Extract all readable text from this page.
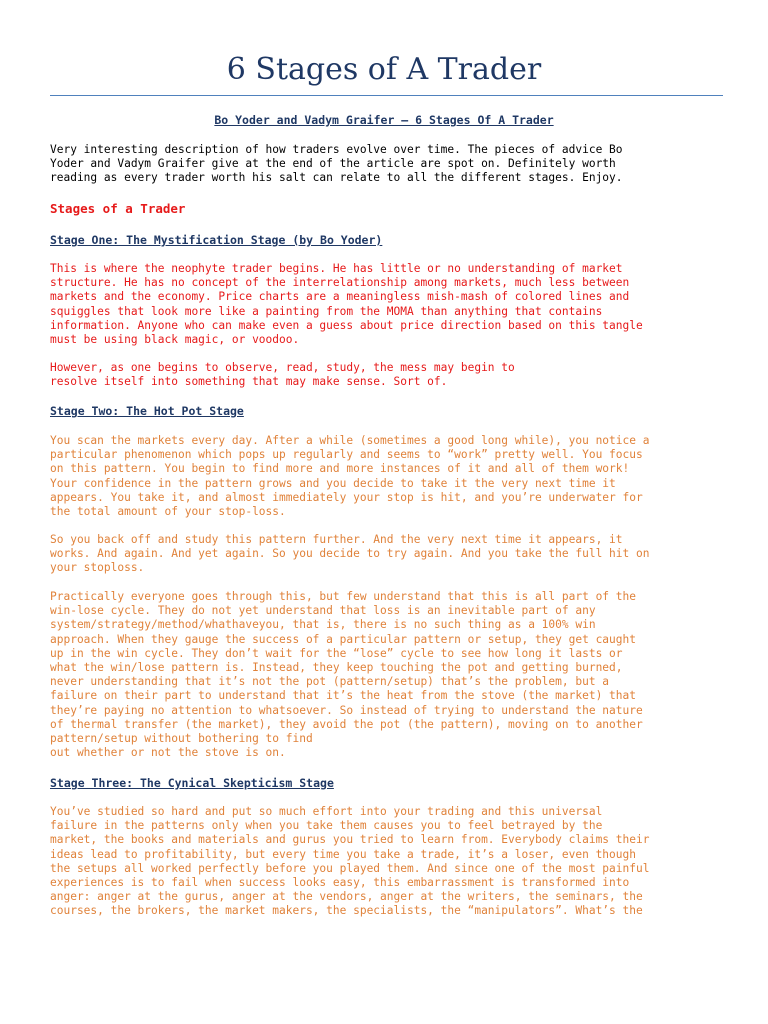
6 Stages of A Trader
Bo Yoder and Vadym Graifer – 6 Stages Of A Trader
Very interesting description of how traders evolve over time. The pieces of advice Bo
Yoder and Vadym Graifer give at the end of the article are spot on. Definitely worth
reading as every trader worth his salt can relate to all the different stages. Enjoy.
Stages of a Trader
Stage One: The Mystification Stage (by Bo Yoder)
This is where the neophyte trader begins. He has little or no understanding of market
structure. He has no concept of the interrelationship among markets, much less between
markets and the economy. Price charts are a meaningless mish-mash of colored lines and
squiggles that look more like a painting from the MOMA than anything that contains
information. Anyone who can make even a guess about price direction based on this tangle
must be using black magic, or voodoo.
However, as one begins to observe, read, study, the mess may begin to
resolve itself into something that may make sense. Sort of.
Stage Two: The Hot Pot Stage
You scan the markets every day. After a while (sometimes a good long while), you notice a
particular phenomenon which pops up regularly and seems to “work” pretty well. You focus
on this pattern. You begin to find more and more instances of it and all of them work!
Your confidence in the pattern grows and you decide to take it the very next time it
appears. You take it, and almost immediately your stop is hit, and you’re underwater for
the total amount of your stop-loss.
So you back off and study this pattern further. And the very next time it appears, it
works. And again. And yet again. So you decide to try again. And you take the full hit on
your stoploss.
Practically everyone goes through this, but few understand that this is all part of the
win-lose cycle. They do not yet understand that loss is an inevitable part of any
system/strategy/method/whathaveyou, that is, there is no such thing as a 100% win
approach. When they gauge the success of a particular pattern or setup, they get caught
up in the win cycle. They don’t wait for the “lose” cycle to see how long it lasts or
what the win/lose pattern is. Instead, they keep touching the pot and getting burned,
never understanding that it’s not the pot (pattern/setup) that’s the problem, but a
failure on their part to understand that it’s the heat from the stove (the market) that
they’re paying no attention to whatsoever. So instead of trying to understand the nature
of thermal transfer (the market), they avoid the pot (the pattern), moving on to another
pattern/setup without bothering to find
out whether or not the stove is on.
Stage Three: The Cynical Skepticism Stage
You’ve studied so hard and put so much effort into your trading and this universal
failure in the patterns only when you take them causes you to feel betrayed by the
market, the books and materials and gurus you tried to learn from. Everybody claims their
ideas lead to profitability, but every time you take a trade, it’s a loser, even though
the setups all worked perfectly before you played them. And since one of the most painful
experiences is to fail when success looks easy, this embarrassment is transformed into
anger: anger at the gurus, anger at the vendors, anger at the writers, the seminars, the
courses, the brokers, the market makers, the specialists, the “manipulators”. What’s the
